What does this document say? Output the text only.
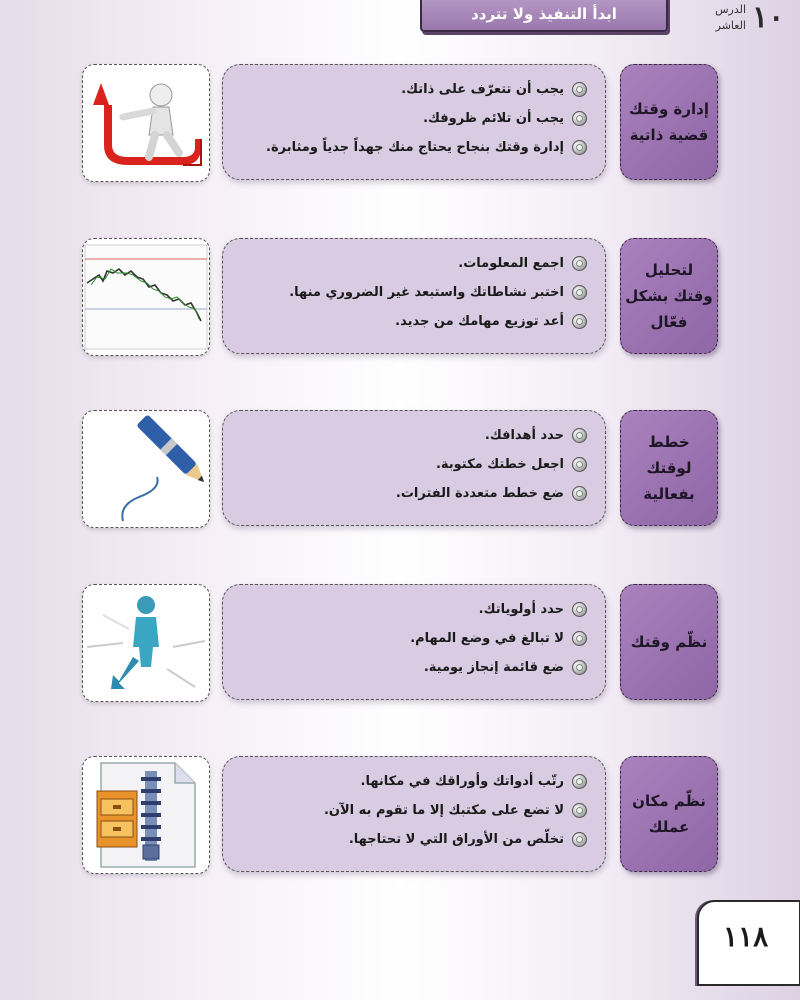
ابدأ التنفيذ ولا تتردد	١٠
الدرس
العاشر
يجب أن تتعرّف على ذاتك.
يجب أن تلائم ظروفك.
إدارة وقتك بنجاح يحتاج منك جهداً جدياً ومثابرة.
إدارة وقتك قضية ذاتية
اجمع المعلومات.
اختبر نشاطاتك واستبعد غير الضروري منها.
أعد توزيع مهامك من جديد.
لتحليل وقتك بشكل فعّال
حدد أهدافك.
اجعل خطتك مكتوبة.
ضع خطط متعددة الفترات.
خطط لوقتك بفعالية
حدد أولوياتك.
لا تبالغ في وضع المهام.
ضع قائمة إنجاز يومية.
نظّم وقتك
رتّب أدواتك وأوراقك في مكانها.
لا تضع على مكتبك إلا ما تقوم به الآن.
تخلّص من الأوراق التي لا تحتاجها.
نظّم مكان عملك
١١٨
